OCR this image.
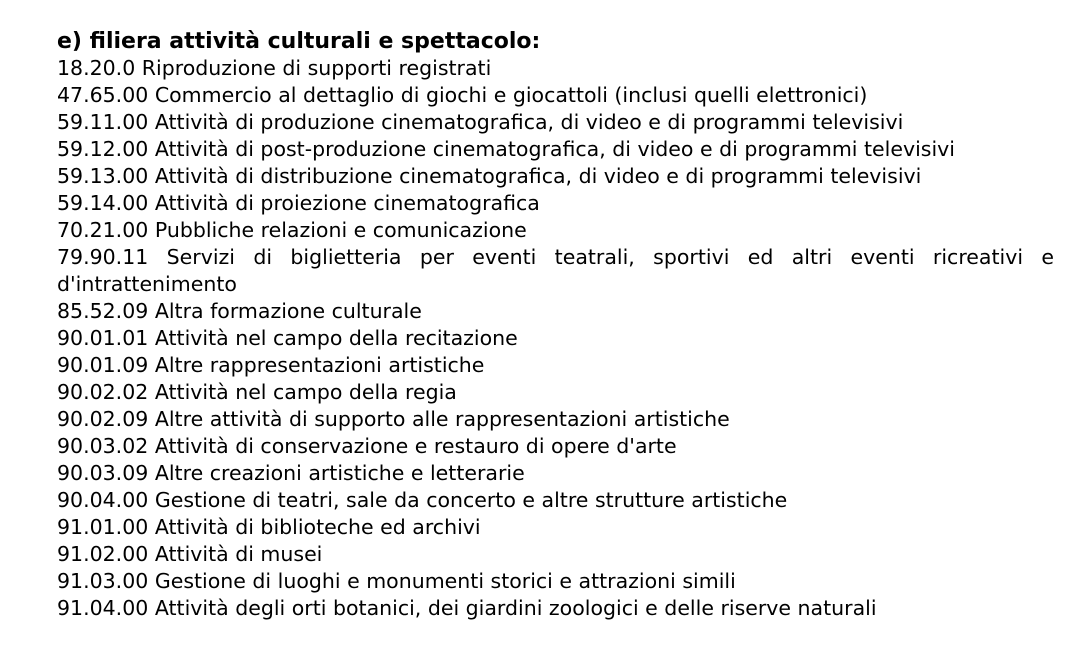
e) filiera attività culturali e spettacolo:
18.20.0 Riproduzione di supporti registrati
47.65.00 Commercio al dettaglio di giochi e giocattoli (inclusi quelli elettronici)
59.11.00 Attività di produzione cinematografica, di video e di programmi televisivi
59.12.00 Attività di post-produzione cinematografica, di video e di programmi televisivi
59.13.00 Attività di distribuzione cinematografica, di video e di programmi televisivi
59.14.00 Attività di proiezione cinematografica
70.21.00 Pubbliche relazioni e comunicazione
79.90.11 Servizi di biglietteria per eventi teatrali, sportivi ed altri eventi ricreativi e
d'intrattenimento
85.52.09 Altra formazione culturale
90.01.01 Attività nel campo della recitazione
90.01.09 Altre rappresentazioni artistiche
90.02.02 Attività nel campo della regia
90.02.09 Altre attività di supporto alle rappresentazioni artistiche
90.03.02 Attività di conservazione e restauro di opere d'arte
90.03.09 Altre creazioni artistiche e letterarie
90.04.00 Gestione di teatri, sale da concerto e altre strutture artistiche
91.01.00 Attività di biblioteche ed archivi
91.02.00 Attività di musei
91.03.00 Gestione di luoghi e monumenti storici e attrazioni simili
91.04.00 Attività degli orti botanici, dei giardini zoologici e delle riserve naturali
